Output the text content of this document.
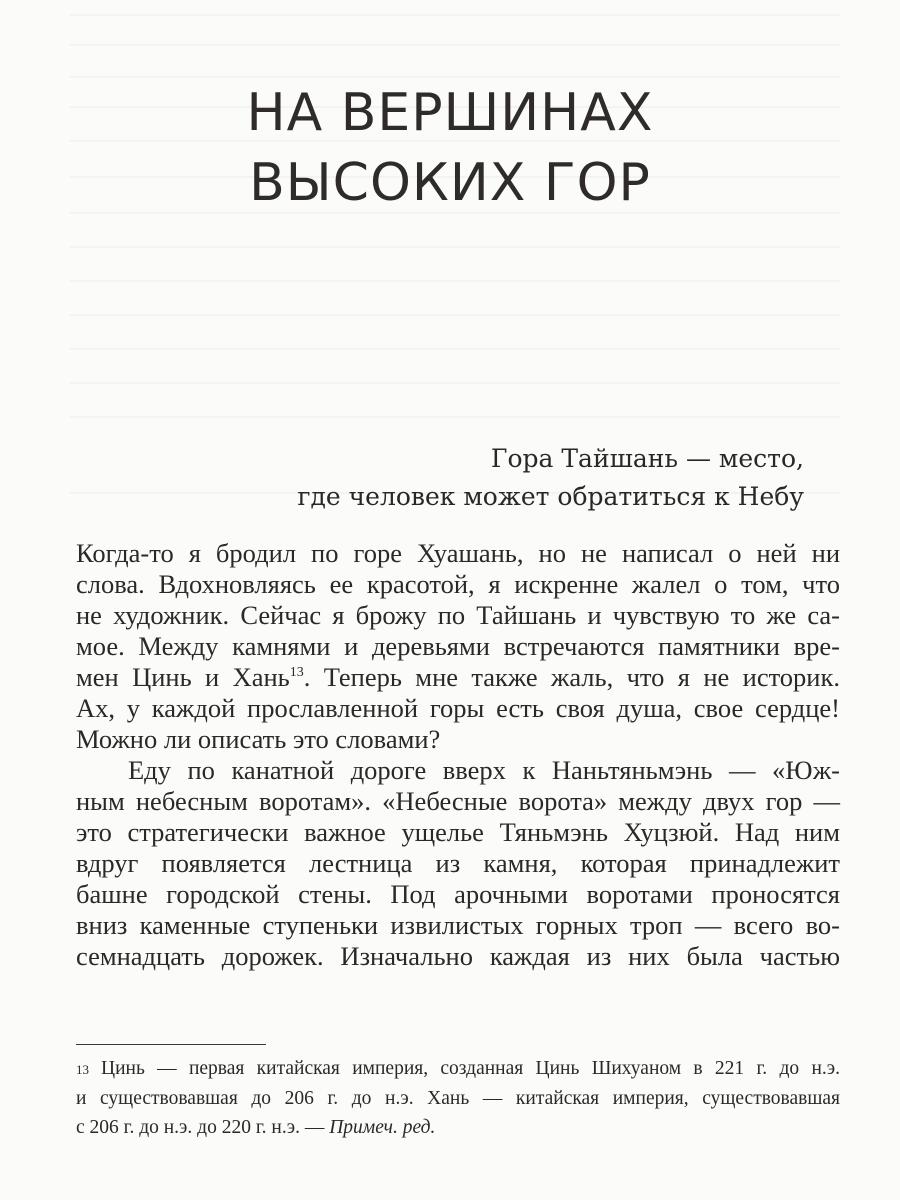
НА ВЕРШИНАХ
ВЫСОКИХ ГОР
Гора Тайшань — место,
где человек может обратиться к Небу
Когда-то я бродил по горе Хуашань, но не написал о ней ни
слова. Вдохновляясь ее красотой, я искренне жалел о том, что
не художник. Сейчас я брожу по Тайшань и чувствую то же са-
мое. Между камнями и деревьями встречаются памятники вре-
мен Цинь и Хань$^{13}$. Теперь мне также жаль, что я не историк.
Ах, у каждой прославленной горы есть своя душа, свое сердце!
Можно ли описать это словами?
Еду по канатной дороге вверх к Наньтяньмэнь — «Юж-
ным небесным воротам». «Небесные ворота» между двух гор —
это стратегически важное ущелье Тяньмэнь Хуцзюй. Над ним
вдруг появляется лестница из камня, которая принадлежит
башне городской стены. Под арочными воротами проносятся
вниз каменные ступеньки извилистых горных троп — всего во-
семнадцать дорожек. Изначально каждая из них была частью
13 Цинь — первая китайская империя, созданная Цинь Шихуаном в 221 г. до н.э.
и существовавшая до 206 г. до н.э. Хань — китайская империя, существовавшая
с 206 г. до н.э. до 220 г. н.э. — Примеч. ред.
